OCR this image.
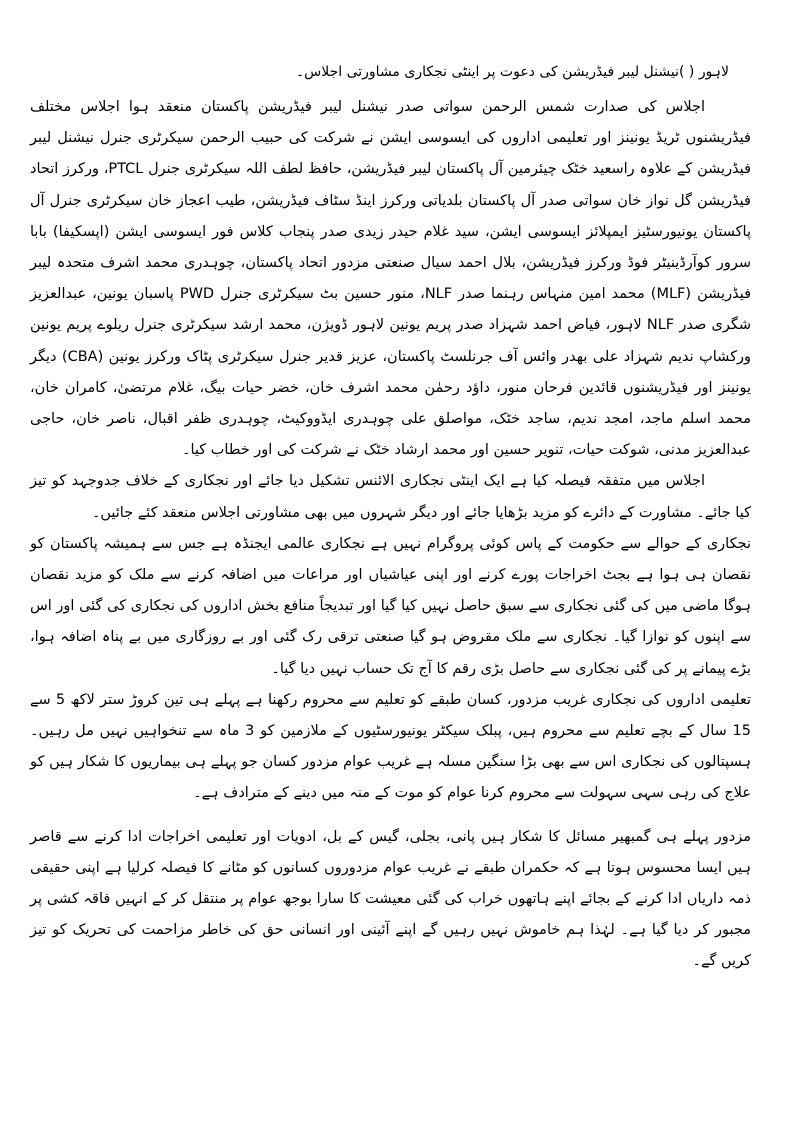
لاہور ( )نیشنل لیبر فیڈریشن کی دعوت پر اینٹی نجکاری مشاورتی اجلاس۔

اجلاس کی صدارت شمس الرحمن سواتی صدر نیشنل لیبر فیڈریشن پاکستان منعقد ہوا اجلاس مختلف فیڈریشنوں ٹریڈ یونینز اور تعلیمی اداروں کی ایسوسی ایشن نے شرکت کی حبیب الرحمن سیکرٹری جنرل نیشنل لیبر فیڈریشن کے علاوہ راسعید خٹک چیئرمین آل پاکستان لیبر فیڈریشن، حافظ لطف اللہ سیکرٹری جنرل PTCL، ورکرز اتحاد فیڈریشن گل نواز خان سواتی صدر آل پاکستان بلدیاتی ورکرز اینڈ سٹاف فیڈریشن، طیب اعجاز خان سیکرٹری جنرل آل پاکستان یونیورسٹیز ایمپلائز ایسوسی ایشن، سید غلام حیدر زیدی صدر پنجاب کلاس فور ایسوسی ایشن (اپسکیفا) بابا سرور کوآرڈینیٹر فوڈ ورکرز فیڈریشن، بلال احمد سیال صنعتی مزدور اتحاد پاکستان، چوہدری محمد اشرف متحدہ لیبر فیڈریشن (MLF) محمد امین منہاس رہنما صدر NLF، منور حسین بٹ سیکرٹری جنرل PWD پاسبان یونین، عبدالعزیز شگری صدر NLF لاہور، فیاض احمد شہزاد صدر پریم یونین لاہور ڈویژن، محمد ارشد سیکرٹری جنرل ریلوے پریم یونین ورکشاپ ندیم شہزاد علی بھدر وائس آف جرنلسٹ پاکستان، عزیز قدیر جنرل سیکرٹری پٹاک ورکرز یونین (CBA) دیگر یونینز اور فیڈریشنوں قائدین فرحان منور، داؤد رحمٰن محمد اشرف خان، خضر حیات بیگ، غلام مرتضیٰ، کامران خان، محمد اسلم ماجد، امجد ندیم، ساجد خٹک، مواصلق علی چوہدری ایڈووکیٹ، چوہدری ظفر اقبال، ناصر خان، حاجی عبدالعزیز مدنی، شوکت حیات، تنویر حسین اور محمد ارشاد خٹک نے شرکت کی اور خطاب کیا۔

اجلاس میں متفقہ فیصلہ کیا ہے ایک اینٹی نجکاری الائنس تشکیل دیا جائے اور نجکاری کے خلاف جدوجہد کو تیز کیا جائے۔ مشاورت کے دائرے کو مزید بڑھایا جائے اور دیگر شہروں میں بھی مشاورتی اجلاس منعقد کئے جائیں۔

نجکاری کے حوالے سے حکومت کے پاس کوئی پروگرام نہیں ہے نجکاری عالمی ایجنڈہ ہے جس سے ہمیشہ پاکستان کو نقصان ہی ہوا ہے بجٹ اخراجات پورے کرنے اور اپنی عیاشیاں اور مراعات میں اضافہ کرنے سے ملک کو مزید نقصان ہوگا ماضی میں کی گئی نجکاری سے سبق حاصل نہیں کیا گیا اور تبدیجاً منافع بخش اداروں کی نجکاری کی گئی اور اس سے اپنوں کو نوازا گیا۔ نجکاری سے ملک مقروض ہو گیا صنعتی ترقی رک گئی اور بے روزگاری میں بے پناہ اضافہ ہوا، بڑے پیمانے پر کی گئی نجکاری سے حاصل بڑی رقم کا آج تک حساب نہیں دیا گیا۔

تعلیمی اداروں کی نجکاری غریب مزدور، کسان طبقے کو تعلیم سے محروم رکھنا ہے پہلے ہی تین کروڑ ستر لاکھ 5 سے 15 سال کے بچے تعلیم سے محروم ہیں، پبلک سیکٹر یونیورسٹیوں کے ملازمین کو 3 ماہ سے تنخواہیں نہیں مل رہیں۔ ہسپتالوں کی نجکاری اس سے بھی بڑا سنگین مسلہ ہے غریب عوام مزدور کسان جو پہلے ہی بیماریوں کا شکار ہیں کو علاج کی رہی سہی سہولت سے محروم کرنا عوام کو موت کے منہ میں دینے کے مترادف ہے۔

مزدور پہلے ہی گمبھیر مسائل کا شکار ہیں پانی، بجلی، گیس کے بل، ادویات اور تعلیمی اخراجات ادا کرنے سے قاصر ہیں ایسا محسوس ہوتا ہے کہ حکمران طبقے نے غریب عوام مزدوروں کسانوں کو مٹانے کا فیصلہ کرلیا ہے اپنی حقیقی ذمہ داریاں ادا کرنے کے بجائے اپنے ہاتھوں خراب کی گئی معیشت کا سارا بوجھ عوام پر منتقل کر کے انہیں فاقہ کشی پر مجبور کر دیا گیا ہے۔ لہٰذا ہم خاموش نہیں رہیں گے اپنے آئینی اور انسانی حق کی خاطر مزاحمت کی تحریک کو تیز کریں گے۔
